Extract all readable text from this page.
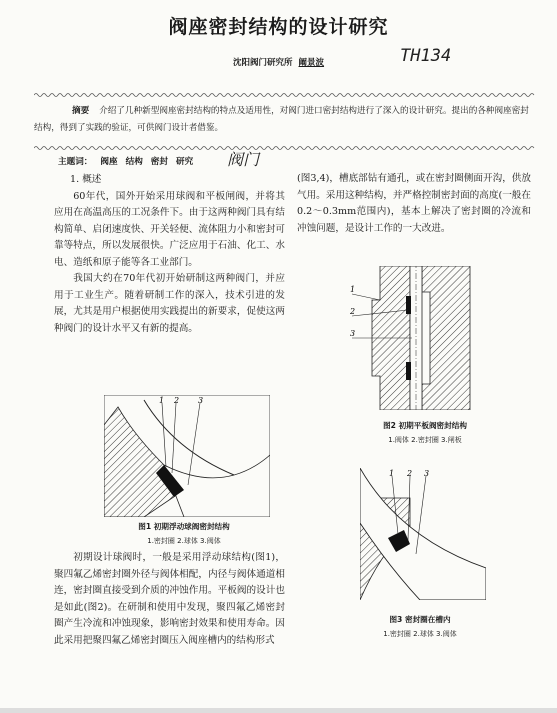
阀座密封结构的设计研究
沈阳阀门研究所 阚景波	TH134
摘要 介绍了几种新型阀座密封结构的特点及适用性，对阀门进口密封结构进行了深入的设计研究。提出的各种阀座密封结构，得到了实践的验证，可供阀门设计者借鉴。
主题词： 阀座 结构 密封 研究	阀门

1. 概述

60年代，国外开始采用球阀和平板闸阀，并将其应用在高温高压的工况条件下。由于这两种阀门具有结构简单、启闭速度快、开关轻便、流体阻力小和密封可靠等特点，所以发展很快。广泛应用于石油、化工、水电、造纸和原子能等各工业部门。

我国大约在70年代初开始研制这两种阀门，并应用于工业生产。随着研制工作的深入，技术引进的发展，尤其是用户根据使用实践提出的新要求，促使这两种阀门的设计水平又有新的提高。

(图3,4)，槽底部钻有通孔，或在密封圈侧面开沟，供放气用。采用这种结构，并严格控制密封面的高度(一般在0.2～0.3mm范围内)，基本上解决了密封圈的冷流和冲蚀问题，是设计工作的一大改进。

初期设计球阀时，一般是采用浮动球结构(图1)，聚四氟乙烯密封圈外径与阀体相配，内径与阀体通道相连，密封圈直接受到介质的冲蚀作用。平板阀的设计也是如此(图2)。在研制和使用中发现，聚四氟乙烯密封圈产生冷流和冲蚀现象，影响密封效果和使用寿命。因此采用把聚四氟乙烯密封圈压入阀座槽内的结构形式

1 2 3
图1 初期浮动球阀密封结构
1.密封圈 2.球体 3.阀体
1
2
3
图2 初期平板阀密封结构
1.阀体 2.密封圈 3.闸板
1 2 3
图3 密封圈在槽内
1.密封圈 2.球体 3.阀体
